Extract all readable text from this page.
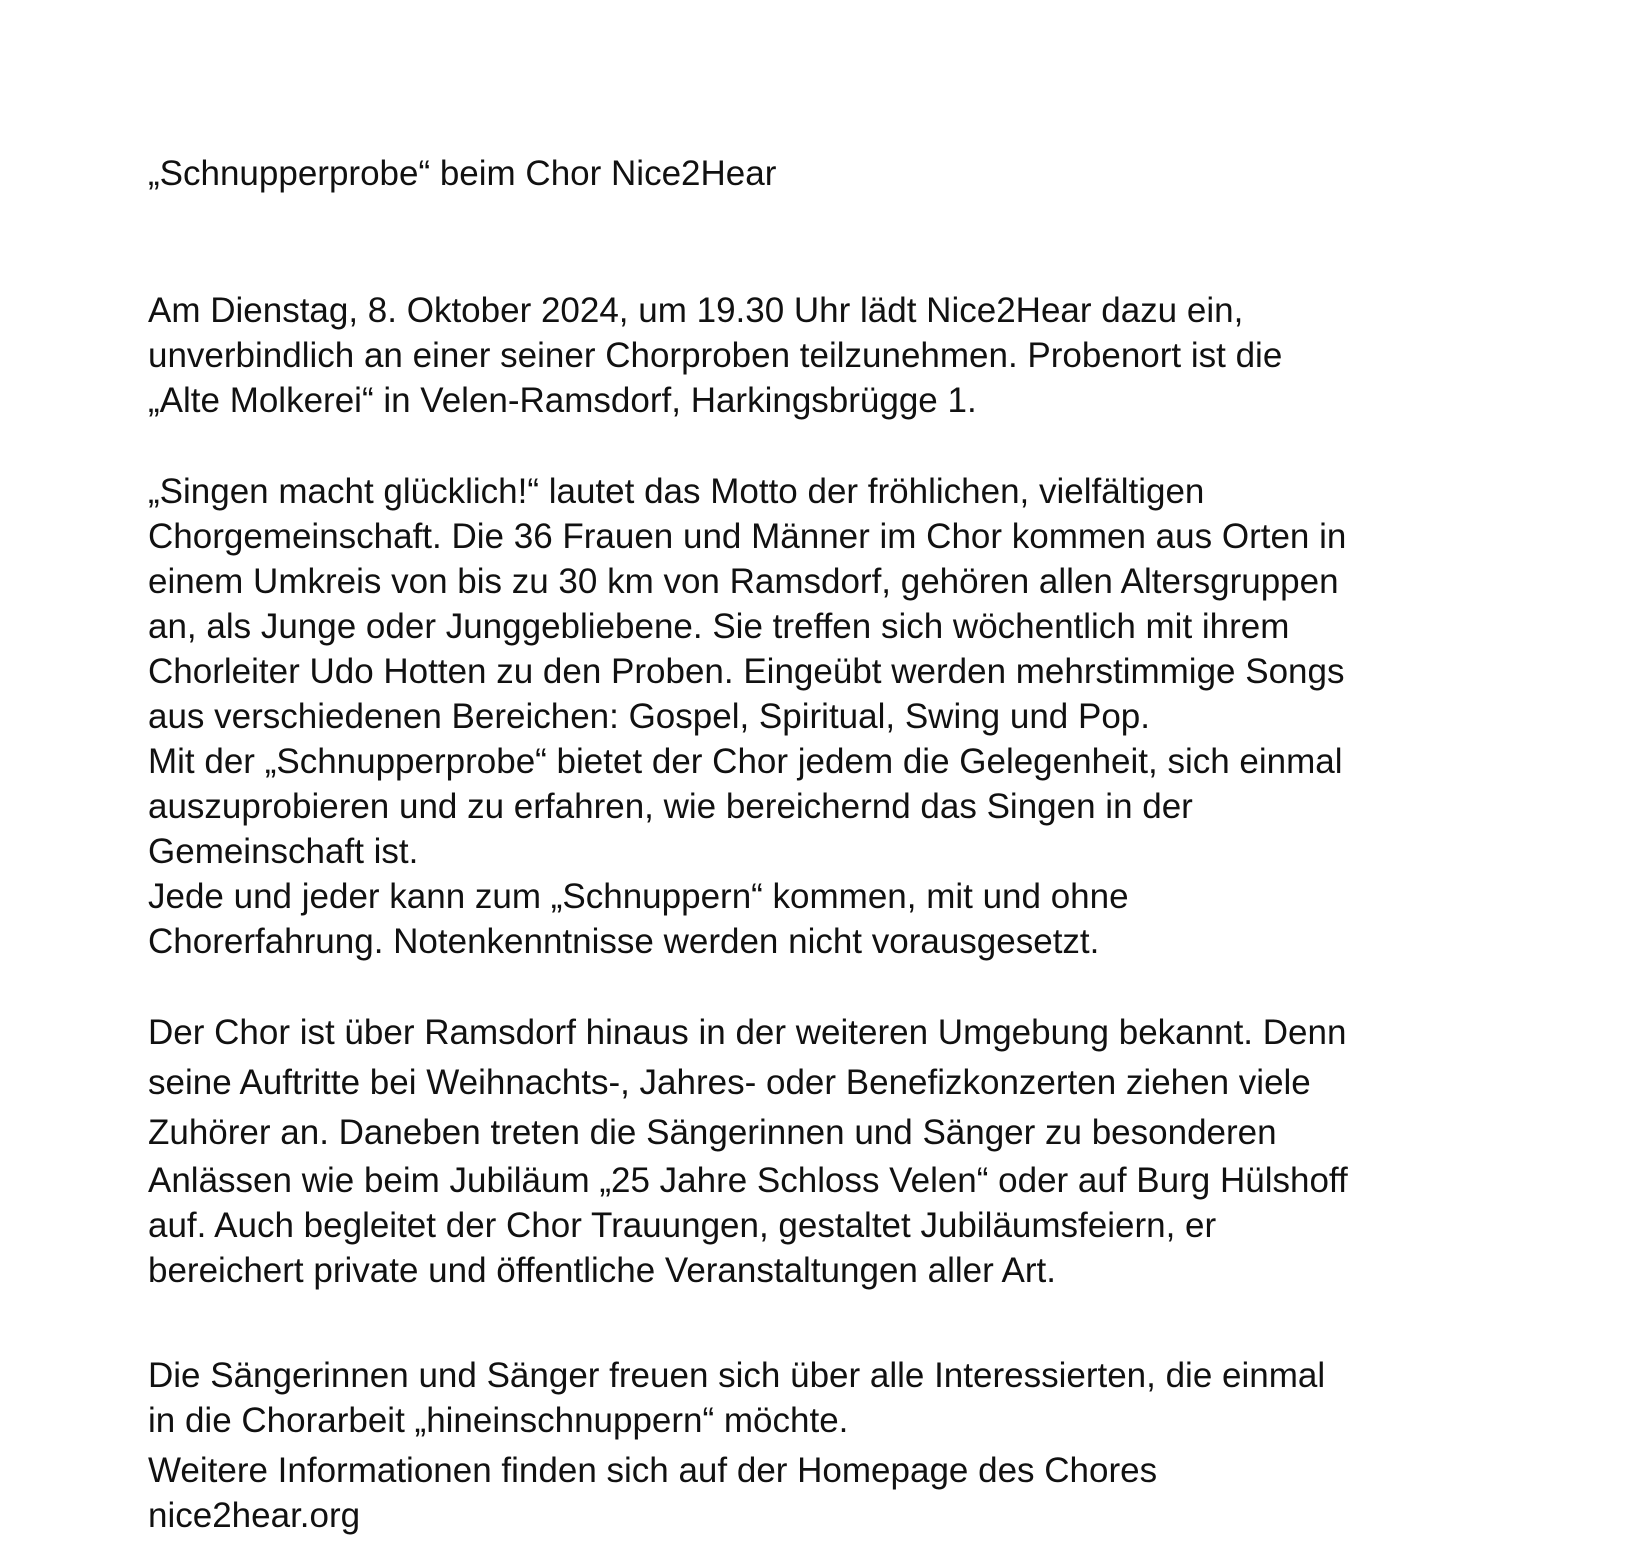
„Schnupperprobe“ beim Chor Nice2Hear
Am Dienstag, 8. Oktober 2024, um 19.30 Uhr lädt Nice2Hear dazu ein,
unverbindlich an einer seiner Chorproben teilzunehmen. Probenort ist die
„Alte Molkerei“ in Velen-Ramsdorf, Harkingsbrügge 1.
„Singen macht glücklich!“ lautet das Motto der fröhlichen, vielfältigen
Chorgemeinschaft. Die 36 Frauen und Männer im Chor kommen aus Orten in
einem Umkreis von bis zu 30 km von Ramsdorf, gehören allen Altersgruppen
an, als Junge oder Junggebliebene. Sie treffen sich wöchentlich mit ihrem
Chorleiter Udo Hotten zu den Proben. Eingeübt werden mehrstimmige Songs
aus verschiedenen Bereichen: Gospel, Spiritual, Swing und Pop.
Mit der „Schnupperprobe“ bietet der Chor jedem die Gelegenheit, sich einmal
auszuprobieren und zu erfahren, wie bereichernd das Singen in der
Gemeinschaft ist.
Jede und jeder kann zum „Schnuppern“ kommen, mit und ohne
Chorerfahrung. Notenkenntnisse werden nicht vorausgesetzt.
Der Chor ist über Ramsdorf hinaus in der weiteren Umgebung bekannt. Denn
seine Auftritte bei Weihnachts-, Jahres- oder Benefizkonzerten ziehen viele
Zuhörer an. Daneben treten die Sängerinnen und Sänger zu besonderen
Anlässen wie beim Jubiläum „25 Jahre Schloss Velen“ oder auf Burg Hülshoff
auf. Auch begleitet der Chor Trauungen, gestaltet Jubiläumsfeiern, er
bereichert private und öffentliche Veranstaltungen aller Art.
Die Sängerinnen und Sänger freuen sich über alle Interessierten, die einmal
in die Chorarbeit „hineinschnuppern“ möchte.
Weitere Informationen finden sich auf der Homepage des Chores
nice2hear.org
